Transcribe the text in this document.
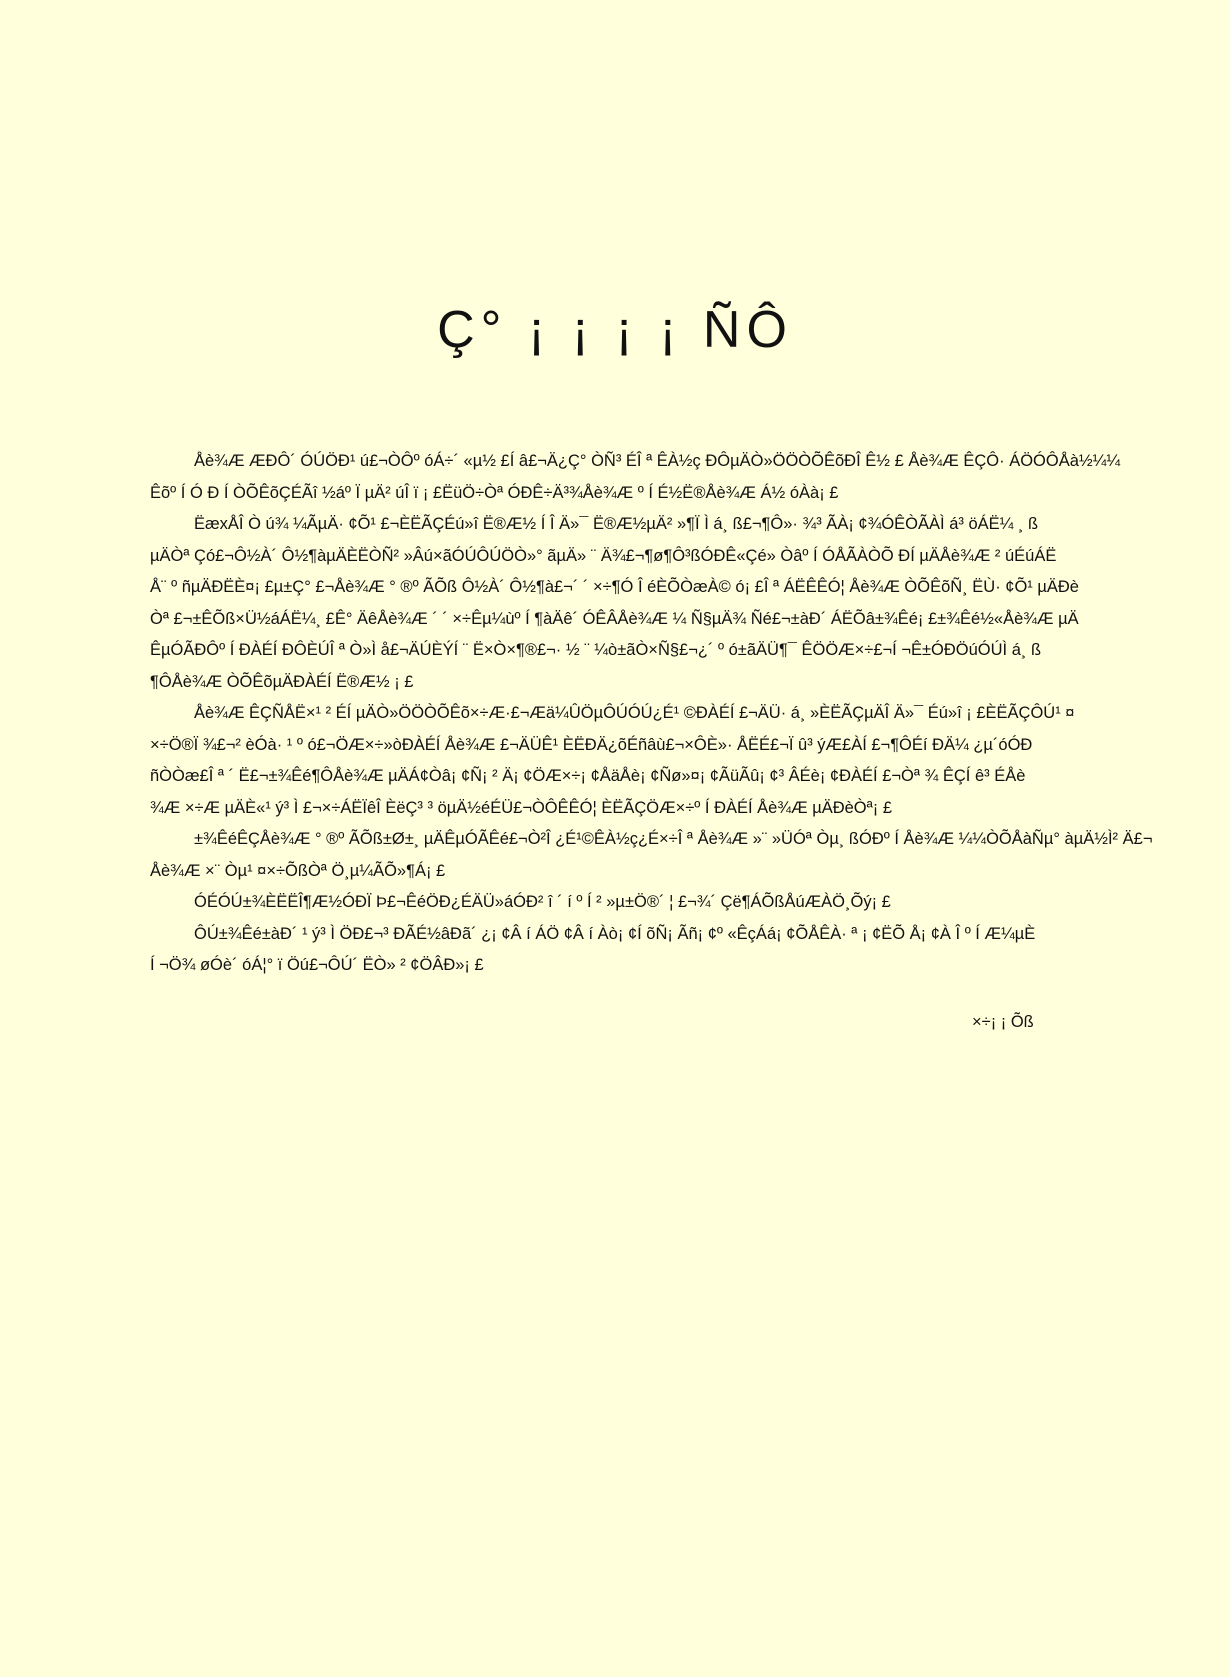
Ç° ¡ ¡ ¡ ¡ ÑÔ
Åè¾Æ ÆÐÔ´ ÓÚÖÐ¹ ú£¬ÒÔº óÁ÷´ «µ½ £Í â£¬Ä¿Ç° ÒÑ³ ÉÎ ª ÊÀ½ç ÐÔµÄÒ»ÖÖÒÕÊõÐÎ Ê½ £ Åè¾Æ ÊÇÔ· ÁÖÓÔÅà½¼¼
Êõº Í Ó Ð Í ÒÕÊõÇÉÃî ½áº Ï µÄ² úÎ ï ¡ £ËüÖ÷Òª ÓÐÊ÷Ä³¾Åè¾Æ º Í É½Ë®Åè¾Æ Á½ óÀà¡ £
ËæxÅÎ Ò ú¾ ¼ÃµÄ· ¢Õ¹ £¬ÈËÃÇÉú»î Ë®Æ½ Í Î Ä»¯ Ë®Æ½µÄ² »¶Ï Ì á¸ ß£¬¶Ô»· ¾³ ÃÀ¡ ¢¾ÓÊÒÃÀÌ á³ öÁË¼ ¸ ß
µÄÒª Çó£¬Ô½À´ Ô½¶àµÄÈËÒÑ² »Âú×ãÓÚÔÚÖÒ»° ãµÄ» ¨ Ä¾£¬¶ø¶Ô³ßÓÐÊ«Çé» Òâº Í ÓÅÃÀÒÕ ÐÍ µÄÅè¾Æ ² úÉúÁË
Å¨ º ñµÄÐËÈ¤¡ £µ±Ç° £¬Åè¾Æ ° ®º ÃÕß Ô½À´ Ô½¶à£¬´ ´ ×÷¶Ó Î éÈÕÒæÀ© ó¡ £Î ª ÁËÊÊÓ¦ Åè¾Æ ÒÕÊõÑ¸ ËÙ· ¢Õ¹ µÄÐè
Òª £¬±ÊÕß×Ü½áÁË¼¸ £Ê° ÄêÅè¾Æ ´ ´ ×÷Êµ¼ùº Í ¶àÄê´ ÓÊÂÅè¾Æ ¼ Ñ§µÄ¾ Ñé£¬±àÐ´ ÁËÕâ±¾Êé¡ £±¾Êé½«Åè¾Æ µÄ
ÊµÓÃÐÔº Í ÐÀÉÍ ÐÔÈÚÎ ª Ò»Ì å£¬ÄÚÈÝÍ ¨ Ë×Ò×¶®£¬· ½ ¨ ¼ò±ãÒ×Ñ§£¬¿´ º ó±ãÄÜ¶¯ ÊÖÖÆ×÷£¬Í ¬Ê±ÓÐÖúÓÚÌ á¸ ß
¶ÔÅè¾Æ ÒÕÊõµÄÐÀÉÍ Ë®Æ½ ¡ £
Åè¾Æ ÊÇÑÅË×¹ ² ÉÍ µÄÒ»ÖÖÒÕÊõ×÷Æ·£¬Æä¼ÛÖµÔÚÓÚ¿É¹ ©ÐÀÉÍ £¬ÄÜ· á¸ »ÈËÃÇµÄÎ Ä»¯ Éú»î ¡ £ÈËÃÇÔÚ¹ ¤
×÷Ö®Ï ¾£¬² èÓà· ¹ º ó£¬ÖÆ×÷»òÐÀÉÍ Åè¾Æ £¬ÄÜÊ¹ ÈËÐÄ¿õÉñâù£¬×ÔÈ»· ÅËÉ£¬Ï û³ ýÆ£ÀÍ £¬¶ÔÉí ÐÄ¼ ¿µ´óÓÐ
ñÒÒæ£Î ª ´ Ë£¬±¾Êé¶ÔÅè¾Æ µÄÁ¢Òâ¡ ¢Ñ¡ ² Ä¡ ¢ÖÆ×÷¡ ¢ÅäÅè¡ ¢Ñø»¤¡ ¢ÃüÃû¡ ¢³ ÂÉè¡ ¢ÐÀÉÍ £¬Òª ¾ ÊÇÍ ê³ ÉÅè
¾Æ ×÷Æ µÄÈ«¹ ý³ Ì £¬×÷ÁËÏêÎ ÈëÇ³ ³ öµÄ½éÉÜ£¬ÒÔÊÊÓ¦ ÈËÃÇÖÆ×÷º Í ÐÀÉÍ Åè¾Æ µÄÐèÒª¡ £
±¾ÊéÊÇÅè¾Æ ° ®º ÃÕß±Ø±¸ µÄÊµÓÃÊé£¬Ò²Î ¿É¹©ÊÀ½ç¿É×÷Î ª Åè¾Æ »¨ »ÜÓª Òµ¸ ßÓÐº Í Åè¾Æ ¼¼ÒÕÅàÑµ° àµÄ½Ì² Ä£¬
Åè¾Æ ×¨ Òµ¹ ¤×÷ÕßÒª Ö¸µ¼ÃÕ»¶Á¡ £
ÓÉÓÚ±¾ÈËËÎ¶Æ½ÓÐÏ Þ£¬ÊéÖÐ¿ÉÄÜ»áÓÐ² î ´ í º Í ² »µ±Ö®´ ¦ £¬¾´ Çë¶ÁÕßÅúÆÀÖ¸Õý¡ £
ÔÚ±¾Êé±àÐ´ ¹ ý³ Ì ÖÐ£¬³ ÐÃÉ½âÐã´ ¿¡ ¢Â í ÁÖ ¢Â í Àò¡ ¢Í õÑ¡ Ãñ¡ ¢º «ÊçÁá¡ ¢ÕÅÊÀ· ª ¡ ¢ËÕ Å¡ ¢À Î º Í Æ¼µÈ
Í ¬Ö¾ øÓè´ óÁ¦° ï Öú£¬ÔÚ´ ËÒ» ² ¢ÖÂÐ»¡ £
×÷¡ ¡ Õß
